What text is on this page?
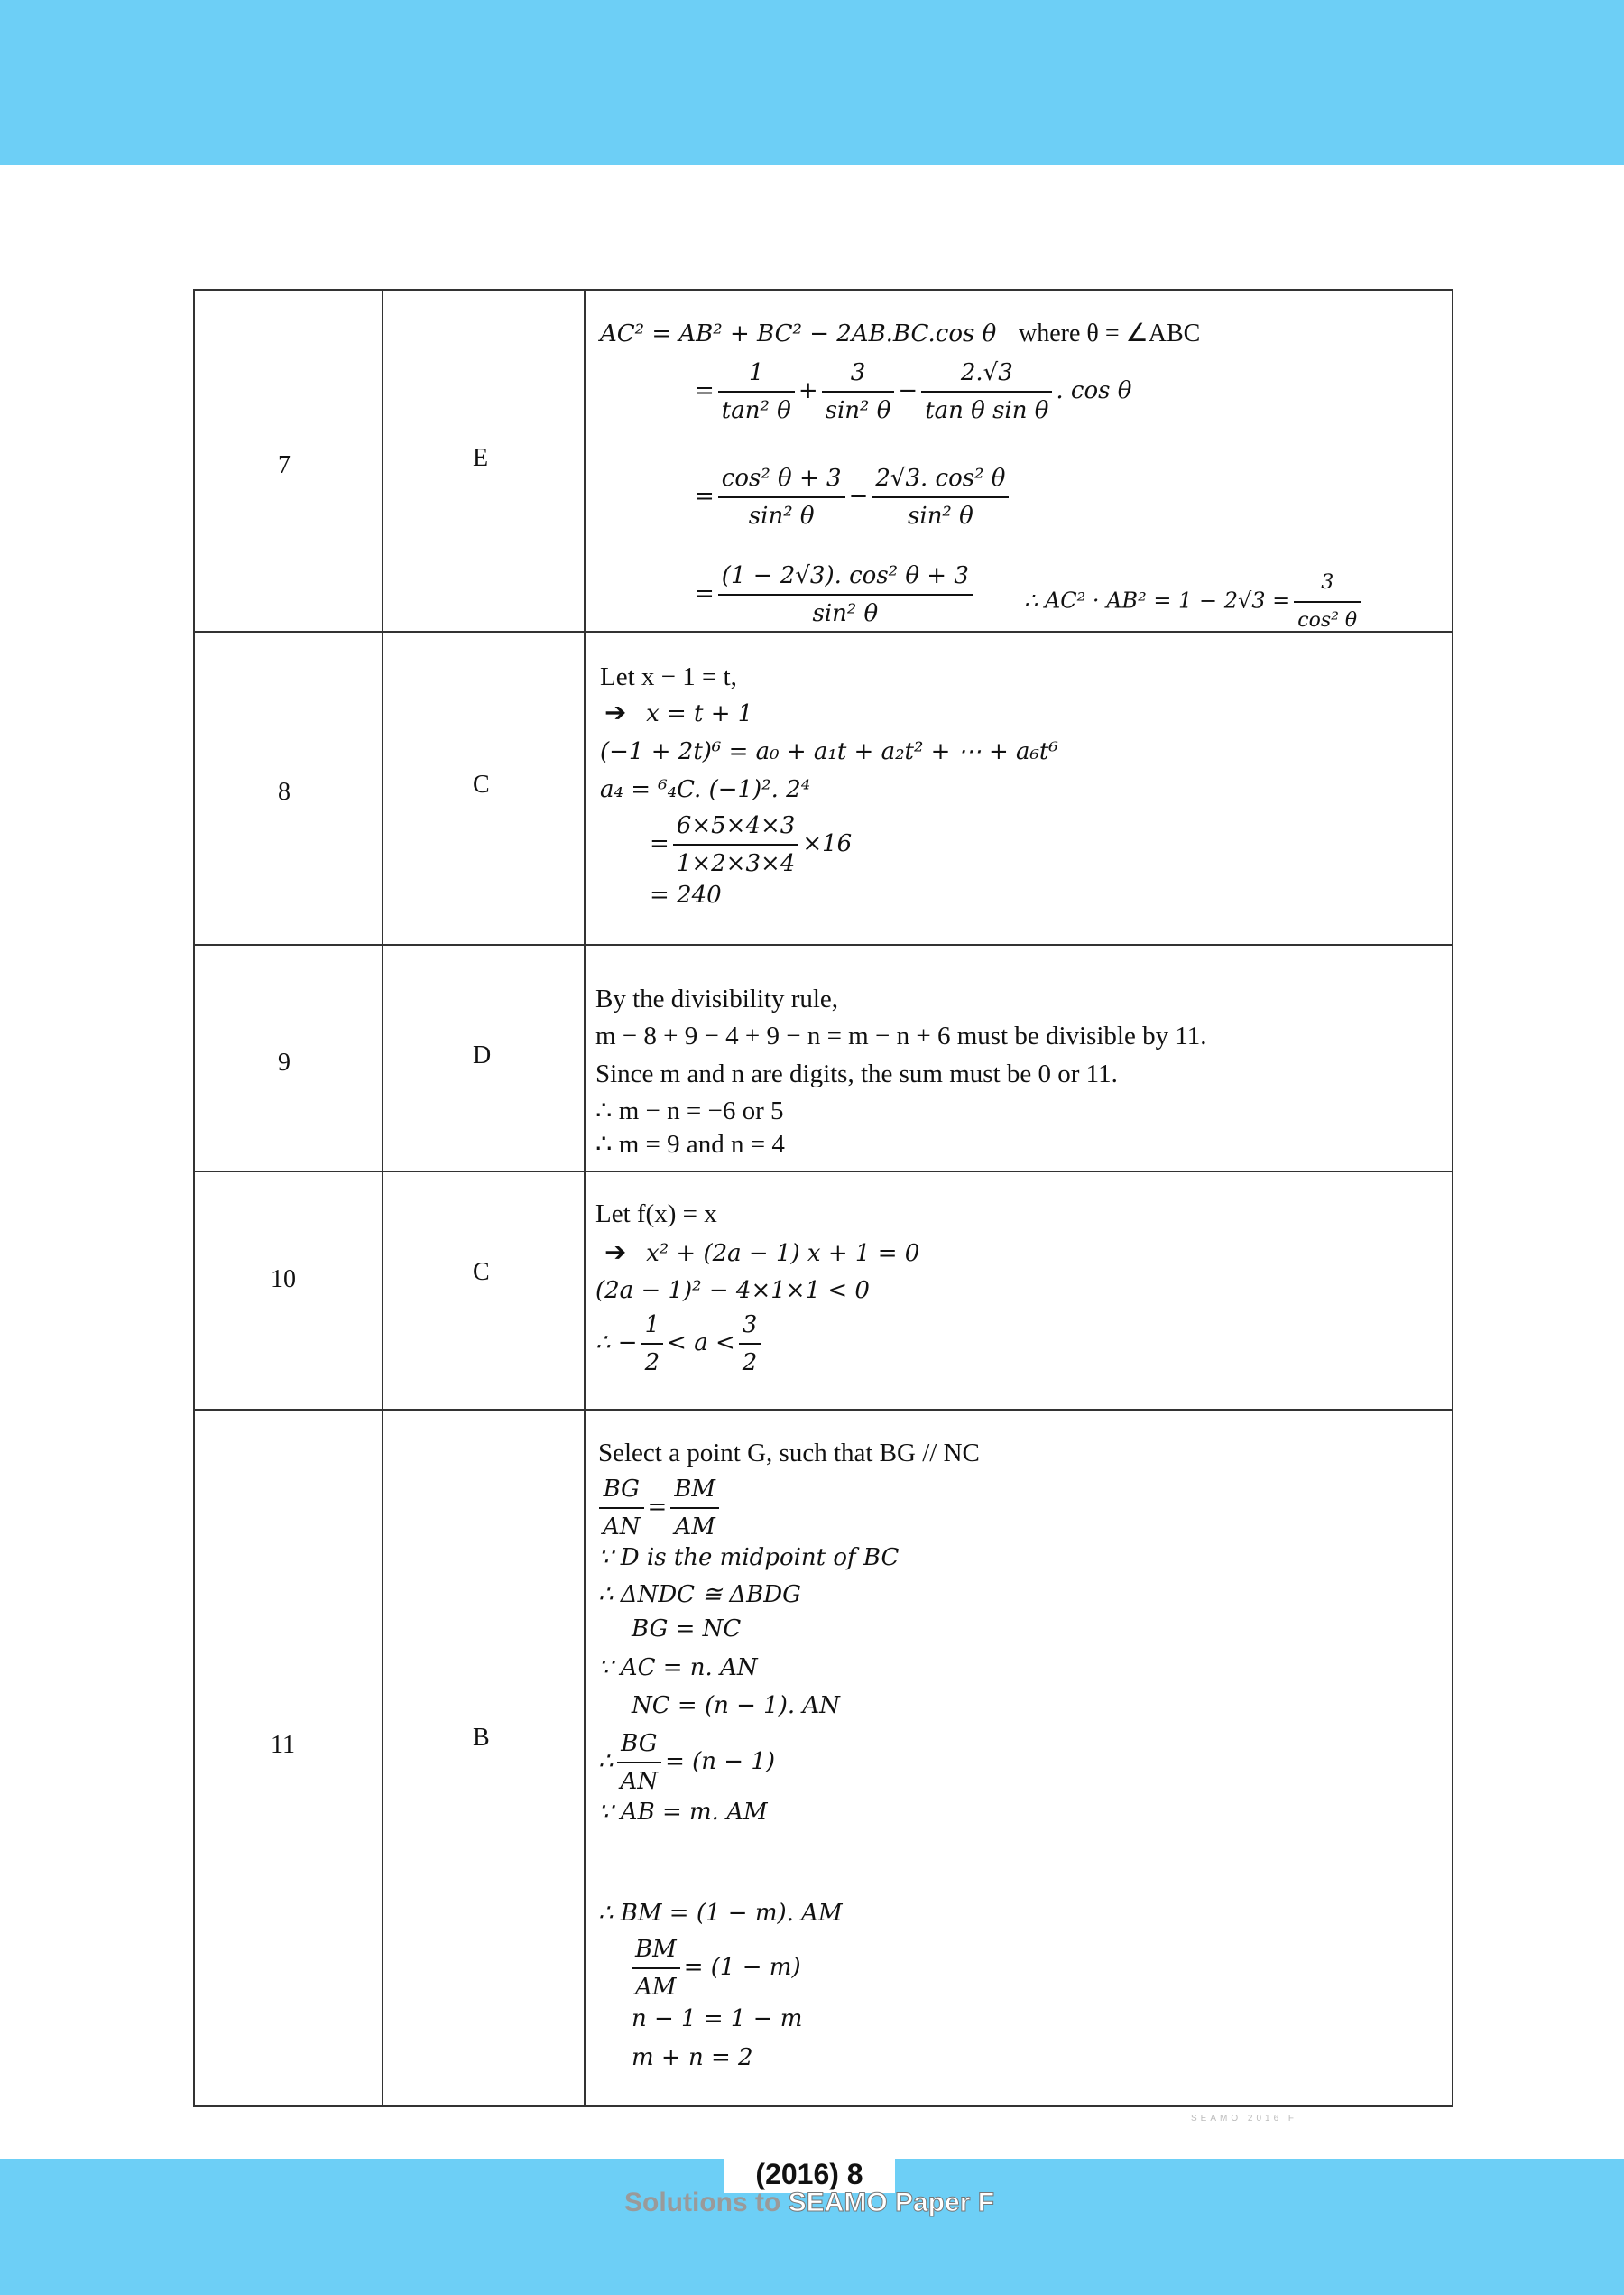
7	E
AC² = AB² + BC² − 2AB.BC.cos θ where θ = ∠ABC
= $\frac{1}{\text{tan² θ}} + \frac{3}{\text{sin² θ}} - \frac{2.√3}{\text{tan θ sin θ}}$ . cos θ
= $\frac{\text{cos² θ + 3}}{\text{sin² θ}} - \frac{\text{2√3. cos² θ}}{\text{sin² θ}}$
= $\frac{\text{(1 − 2√3). cos² θ + 3}}{\text{sin² θ}}$ ∴ $AC^2 \cdot AB^2 = 1 - 2√3 = \frac{3}{\text{cos² θ}}$
8	C
Let x − 1 = t,
➔ x = t + 1
(−1 + 2t)⁶ = a₀ + a₁t + a₂t² + ⋯ + a₆t⁶
a₄ = ⁶₄C. (−1)². 2⁴
= $\frac{6\times 5\times 4\times 3}{1\times 2\times 3\times 4} \times 16$
= 240
9	D
By the divisibility rule,
m − 8 + 9 − 4 + 9 − n = m − n + 6 must be divisible by 11.
Since m and n are digits, the sum must be 0 or 11.
∴ m − n = −6 or 5
∴ m = 9 and n = 4
10	C
Let f(x) = x
➔ x² + (2a − 1) x + 1 = 0
(2a − 1)² − 4×1×1 < 0
∴ − $\frac{1}{2} < a < \frac{3}{2}$
11	B
Select a point G, such that BG // NC
$\frac{BG}{AN} = \frac{BM}{AM}$
∵ D is the midpoint of BC
∴ ΔNDC ≅ ΔBDG
BG = NC
∵ AC = n. AN
NC = (n − 1). AN
∴ $\frac{BG}{AN} = (n - 1)$
∵ AB = m. AM
∴ BM = (1 − m). AM
$\frac{BM}{AM} = (1 - m)$
n − 1 = 1 − m
m + n = 2
SEAMO 2016 F
(2016) 8
Solutions to SEAMO Paper F
